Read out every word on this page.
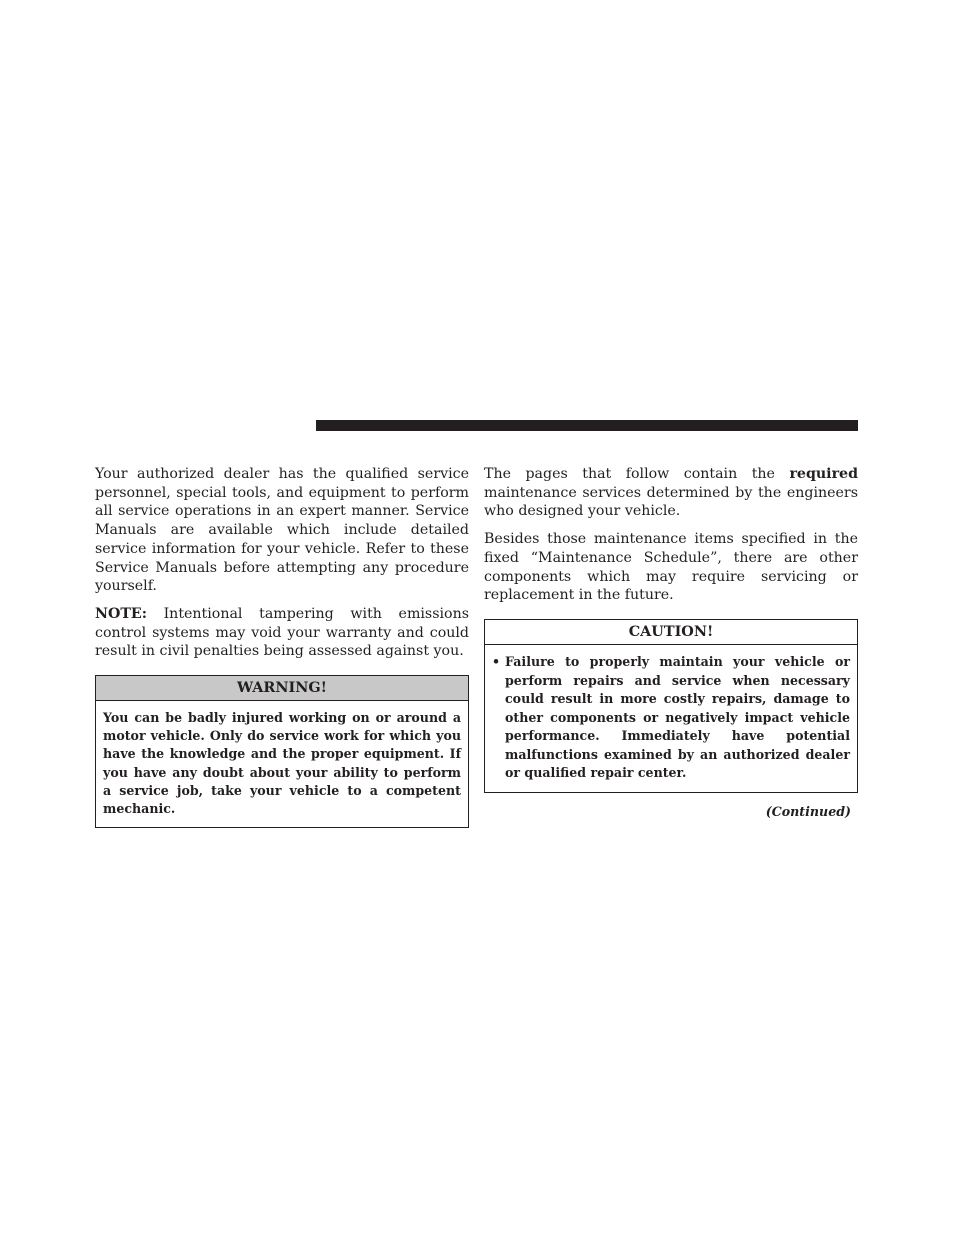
Your authorized dealer has the qualified service personnel, special tools, and equipment to perform all service operations in an expert manner. Service Manuals are available which include detailed service information for your vehicle. Refer to these Service Manuals before attempting any procedure yourself.

NOTE: Intentional tampering with emissions control systems may void your warranty and could result in civil penalties being assessed against you.

WARNING!
You can be badly injured working on or around a motor vehicle. Only do service work for which you have the knowledge and the proper equipment. If you have any doubt about your ability to perform a service job, take your vehicle to a competent mechanic.

The pages that follow contain the required maintenance services determined by the engineers who designed your vehicle.

Besides those maintenance items specified in the fixed “Maintenance Schedule”, there are other components which may require servicing or replacement in the future.

CAUTION!
• Failure to properly maintain your vehicle or perform repairs and service when necessary could result in more costly repairs, damage to other components or negatively impact vehicle performance. Immediately have potential malfunctions examined by an authorized dealer or qualified repair center.
(Continued)
